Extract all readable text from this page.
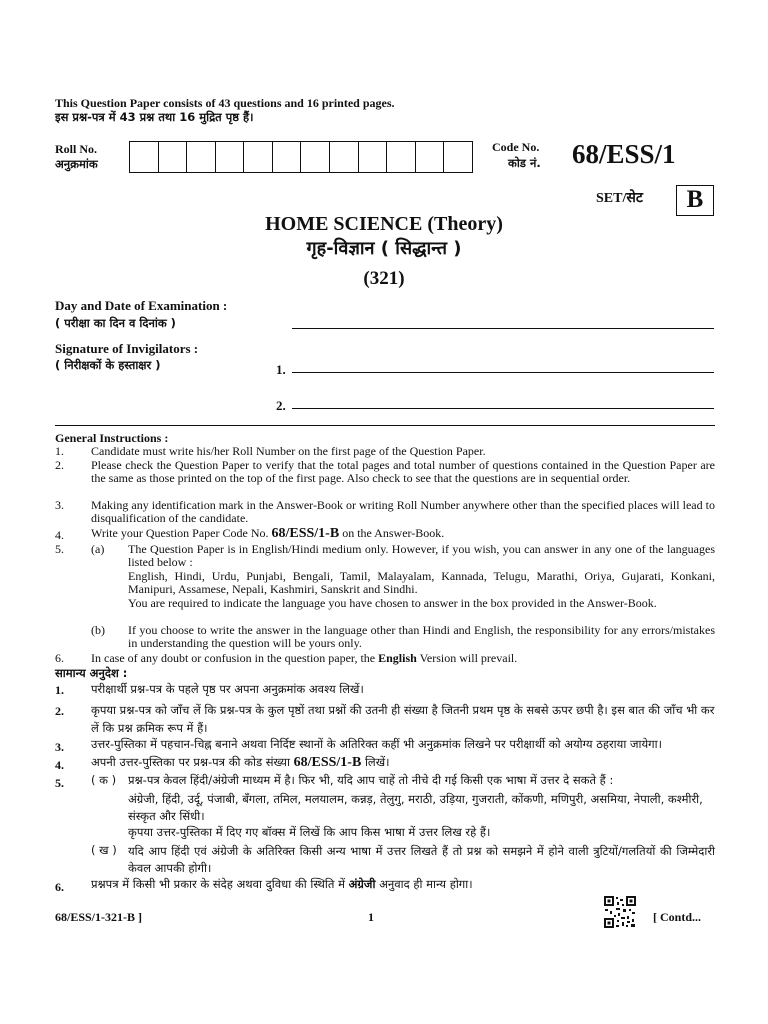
This Question Paper consists of 43 questions and 16 printed pages.
इस प्रश्न-पत्र में 43 प्रश्न तथा 16 मुद्रित पृष्ठ हैं।
Roll No.
अनुक्रमांक
Code No.
कोड नं. 68/ESS/1
SET/सेट	B
HOME SCIENCE (Theory)
गृह-विज्ञान ( सिद्धान्त )
(321)
Day and Date of Examination :
( परीक्षा का दिन व दिनांक )
Signature of Invigilators :
( निरीक्षकों के हस्ताक्षर )	1.
2.
General Instructions :
1. Candidate must write his/her Roll Number on the first page of the Question Paper.
2. Please check the Question Paper to verify that the total pages and total number of questions contained in the Question Paper are the same as those printed on the top of the first page. Also check to see that the questions are in sequential order.
3. Making any identification mark in the Answer-Book or writing Roll Number anywhere other than the specified places will lead to disqualification of the candidate.
4. Write your Question Paper Code No. 68/ESS/1-B on the Answer-Book.
5. (a) The Question Paper is in English/Hindi medium only. However, if you wish, you can answer in any one of the languages listed below :
English, Hindi, Urdu, Punjabi, Bengali, Tamil, Malayalam, Kannada, Telugu, Marathi, Oriya, Gujarati, Konkani, Manipuri, Assamese, Nepali, Kashmiri, Sanskrit and Sindhi.
You are required to indicate the language you have chosen to answer in the box provided in the Answer-Book.
(b) If you choose to write the answer in the language other than Hindi and English, the responsibility for any errors/mistakes in understanding the question will be yours only.
6. In case of any doubt or confusion in the question paper, the English Version will prevail.
सामान्य अनुदेश :
1. परीक्षार्थी प्रश्न-पत्र के पहले पृष्ठ पर अपना अनुक्रमांक अवश्य लिखें।
2. कृपया प्रश्न-पत्र को जाँच लें कि प्रश्न-पत्र के कुल पृष्ठों तथा प्रश्नों की उतनी ही संख्या है जितनी प्रथम पृष्ठ के सबसे ऊपर छपी है। इस बात की जाँच भी कर लें कि प्रश्न क्रमिक रूप में हैं।
3. उत्तर-पुस्तिका में पहचान-चिह्न बनाने अथवा निर्दिष्ट स्थानों के अतिरिक्त कहीं भी अनुक्रमांक लिखने पर परीक्षार्थी को अयोग्य ठहराया जायेगा।
4. अपनी उत्तर-पुस्तिका पर प्रश्न-पत्र की कोड संख्या 68/ESS/1-B लिखें।
5. ( क ) प्रश्न-पत्र केवल हिंदी/अंग्रेजी माध्यम में है। फिर भी, यदि आप चाहें तो नीचे दी गई किसी एक भाषा में उत्तर दे सकते हैं :
अंग्रेजी, हिंदी, उर्दू, पंजाबी, बँगला, तमिल, मलयालम, कन्नड़, तेलुगु, मराठी, उड़िया, गुजराती, कोंकणी, मणिपुरी, असमिया, नेपाली, कश्मीरी, संस्कृत और सिंधी।
कृपया उत्तर-पुस्तिका में दिए गए बॉक्स में लिखें कि आप किस भाषा में उत्तर लिख रहे हैं।
( ख ) यदि आप हिंदी एवं अंग्रेजी के अतिरिक्त किसी अन्य भाषा में उत्तर लिखते हैं तो प्रश्न को समझने में होने वाली त्रुटियों/गलतियों की जिम्मेदारी केवल आपकी होगी।
6. प्रश्नपत्र में किसी भी प्रकार के संदेह अथवा दुविधा की स्थिति में अंग्रेजी अनुवाद ही मान्य होगा।
68/ESS/1-321-B ]	1	[ Contd...
